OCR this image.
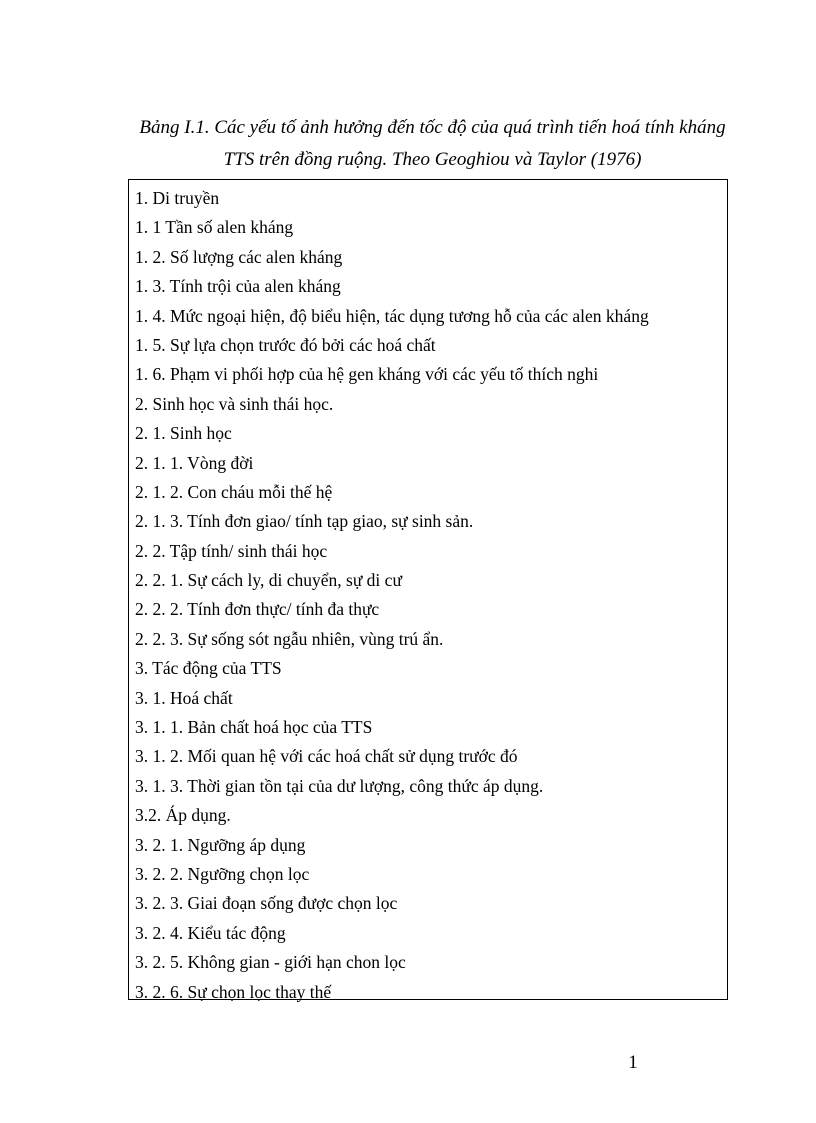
Bảng I.1. Các yếu tố ảnh hưởng đến tốc độ của quá trình tiến hoá tính kháng
TTS trên đồng ruộng. Theo Geoghiou và Taylor (1976)
1. Di truyền
1. 1 Tần số alen kháng
1. 2. Số lượng các alen kháng
1. 3. Tính trội của alen kháng
1. 4. Mức ngoại hiện, độ biểu hiện, tác dụng tương hỗ của các alen kháng
1. 5. Sự lựa chọn trước đó bởi các hoá chất
1. 6. Phạm vi phối hợp của hệ gen kháng với các yếu tố thích nghi
2. Sinh học và sinh thái học.
2. 1. Sinh học
2. 1. 1. Vòng đời
2. 1. 2. Con cháu mỗi thế hệ
2. 1. 3. Tính đơn giao/ tính tạp giao, sự sinh sản.
2. 2. Tập tính/ sinh thái học
2. 2. 1. Sự cách ly, di chuyển, sự di cư
2. 2. 2. Tính đơn thực/ tính đa thực
2. 2. 3. Sự sống sót ngẫu nhiên, vùng trú ẩn.
3. Tác động của TTS
3. 1. Hoá chất
3. 1. 1. Bản chất hoá học của TTS
3. 1. 2. Mối quan hệ với các hoá chất sử dụng trước đó
3. 1. 3. Thời gian tồn tại của dư lượng, công thức áp dụng.
3.2. Áp dụng.
3. 2. 1. Ngưỡng áp dụng
3. 2. 2. Ngưỡng chọn lọc
3. 2. 3. Giai đoạn sống được chọn lọc
3. 2. 4. Kiểu tác động
3. 2. 5. Không gian - giới hạn chon lọc
3. 2. 6. Sự chọn lọc thay thế
1
